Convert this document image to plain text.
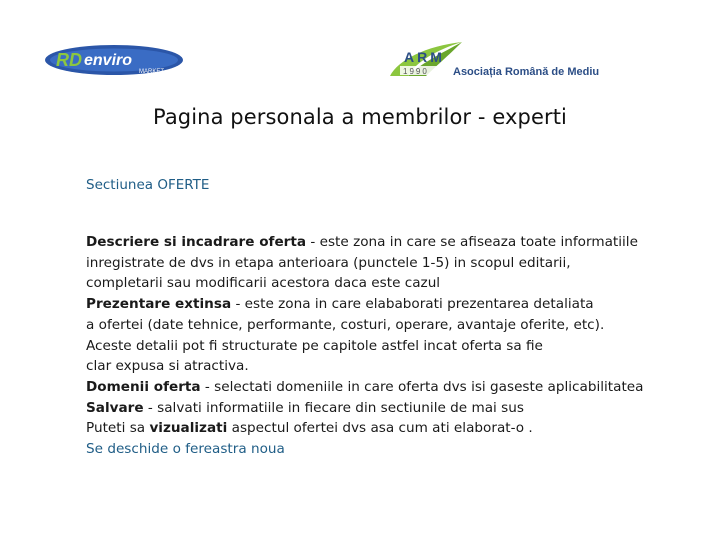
RD enviro
MARKET
ARM
1990 Asociația Română de Mediu
Pagina personala a membrilor - experti
Sectiunea OFERTE
Descriere si incadrare oferta - este zona in care se afiseaza toate informatiile
inregistrate de dvs in etapa anterioara (punctele 1-5) in scopul editarii,
completarii sau modificarii acestora daca este cazul
Prezentare extinsa - este zona in care elababorati prezentarea detaliata
a ofertei (date tehnice, performante, costuri, operare, avantaje oferite, etc).
Aceste detalii pot fi structurate pe capitole astfel incat oferta sa fie
clar expusa si atractiva.
Domenii oferta - selectati domeniile in care oferta dvs isi gaseste aplicabilitatea
Salvare - salvati informatiile in fiecare din sectiunile de mai sus
Puteti sa vizualizati aspectul ofertei dvs asa cum ati elaborat-o .
Se deschide o fereastra noua
